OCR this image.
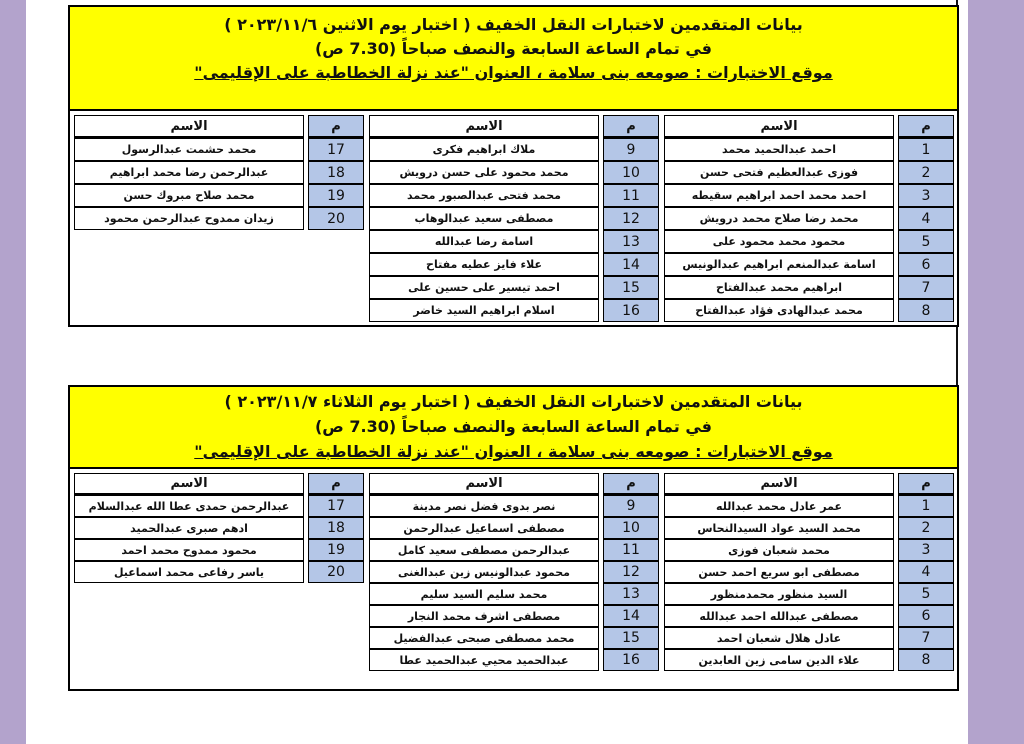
بيانات المتقدمين لاختبارات النقل الخفيف ( اختبار يوم الاثنين ٢٠٢٣/١١/٦ )
في تمام الساعة السابعة والنصف صباحاً (7.30 ص)
موقع الاختبارات : صومعه بنى سلامة ، العنوان "عند نزلة الخطاطبة على الإقليمى"
الاسم	م
محمد حشمت عبدالرسول	17
عبدالرحمن رضا محمد ابراهيم	18
محمد صلاح مبروك حسن	19
زيدان ممدوح عبدالرحمن محمود	20
الاسم	م
ملاك ابراهيم فكرى	9
محمد محمود على حسن درويش	10
محمد فتحى عبدالصبور محمد	11
مصطفى سعيد عبدالوهاب	12
اسامة رضا عبدالله	13
علاء فايز عطيه مفتاح	14
احمد تيسير على حسين على	15
اسلام ابراهيم السيد خاضر	16
الاسم	م
احمد عبدالحميد محمد	1
فوزى عبدالعظيم فتحى حسن	2
احمد محمد احمد ابراهيم سقيطه	3
محمد رضا صلاح محمد درويش	4
محمود محمد محمود على	5
اسامة عبدالمنعم ابراهيم عبدالونيس	6
ابراهيم محمد عبدالفتاح	7
محمد عبدالهادى فؤاد عبدالفتاح	8
بيانات المتقدمين لاختبارات النقل الخفيف ( اختبار يوم الثلاثاء ٢٠٢٣/١١/٧ )
في تمام الساعة السابعة والنصف صباحاً (7.30 ص)
موقع الاختبارات : صومعه بنى سلامة ، العنوان "عند نزلة الخطاطبة على الإقليمى"
الاسم	م
عبدالرحمن حمدى عطا الله عبدالسلام	17
ادهم صبرى عبدالحميد	18
محمود ممدوح محمد احمد	19
ياسر رفاعى محمد اسماعيل	20
الاسم	م
نصر بدوى فضل نصر مدينة	9
مصطفى اسماعيل عبدالرحمن	10
عبدالرحمن مصطفى سعيد كامل	11
محمود عبدالونيس زين عبدالغنى	12
محمد سليم السيد سليم	13
مصطفى اشرف محمد النجار	14
محمد مصطفى صبحى عبدالفضيل	15
عبدالحميد محيي عبدالحميد عطا	16
الاسم	م
عمر عادل محمد عبدالله	1
محمد السيد عواد السيدالنحاس	2
محمد شعبان فوزى	3
مصطفى ابو سريع احمد حسن	4
السيد منظور محمدمنظور	5
مصطفى عبدالله احمد عبدالله	6
عادل هلال شعبان احمد	7
علاء الدين سامى زين العابدين	8
